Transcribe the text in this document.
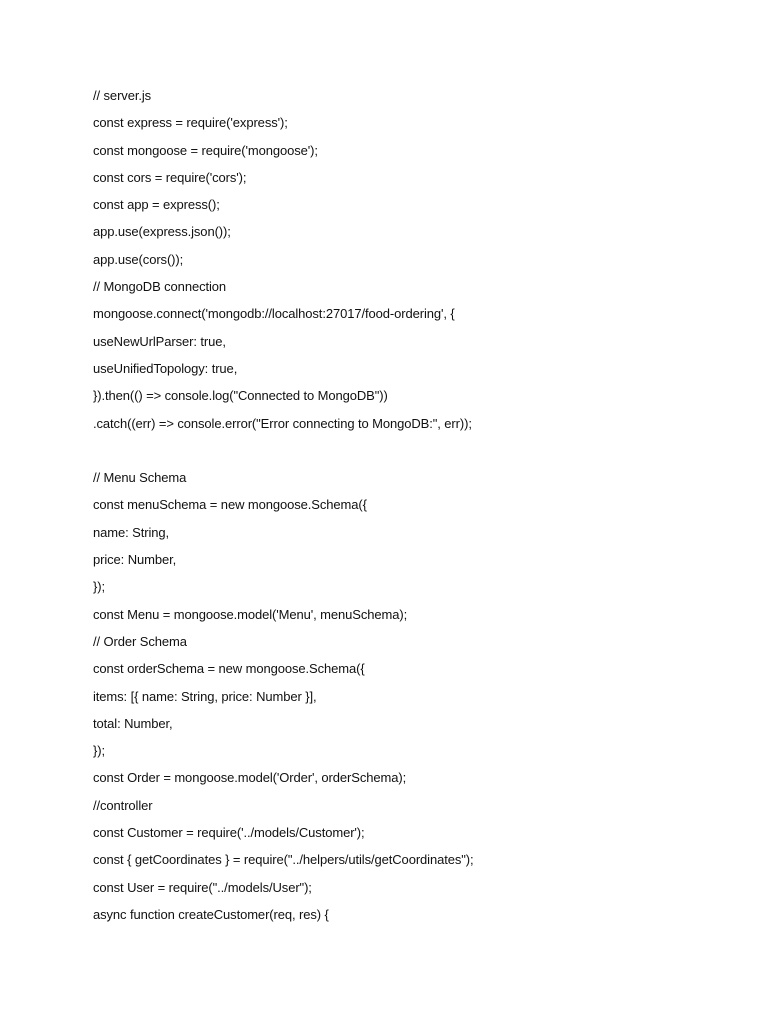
// server.js
const express = require('express');
const mongoose = require('mongoose');
const cors = require('cors');
const app = express();
app.use(express.json());
app.use(cors());
// MongoDB connection
mongoose.connect('mongodb://localhost:27017/food-ordering', {
useNewUrlParser: true,
useUnifiedTopology: true,
}).then(() => console.log("Connected to MongoDB"))
.catch((err) => console.error("Error connecting to MongoDB:", err));
// Menu Schema
const menuSchema = new mongoose.Schema({
name: String,
price: Number,
});
const Menu = mongoose.model('Menu', menuSchema);
// Order Schema
const orderSchema = new mongoose.Schema({
items: [{ name: String, price: Number }],
total: Number,
});
const Order = mongoose.model('Order', orderSchema);
//controller
const Customer = require('../models/Customer');
const { getCoordinates } = require("../helpers/utils/getCoordinates");
const User = require("../models/User");
async function createCustomer(req, res) {
